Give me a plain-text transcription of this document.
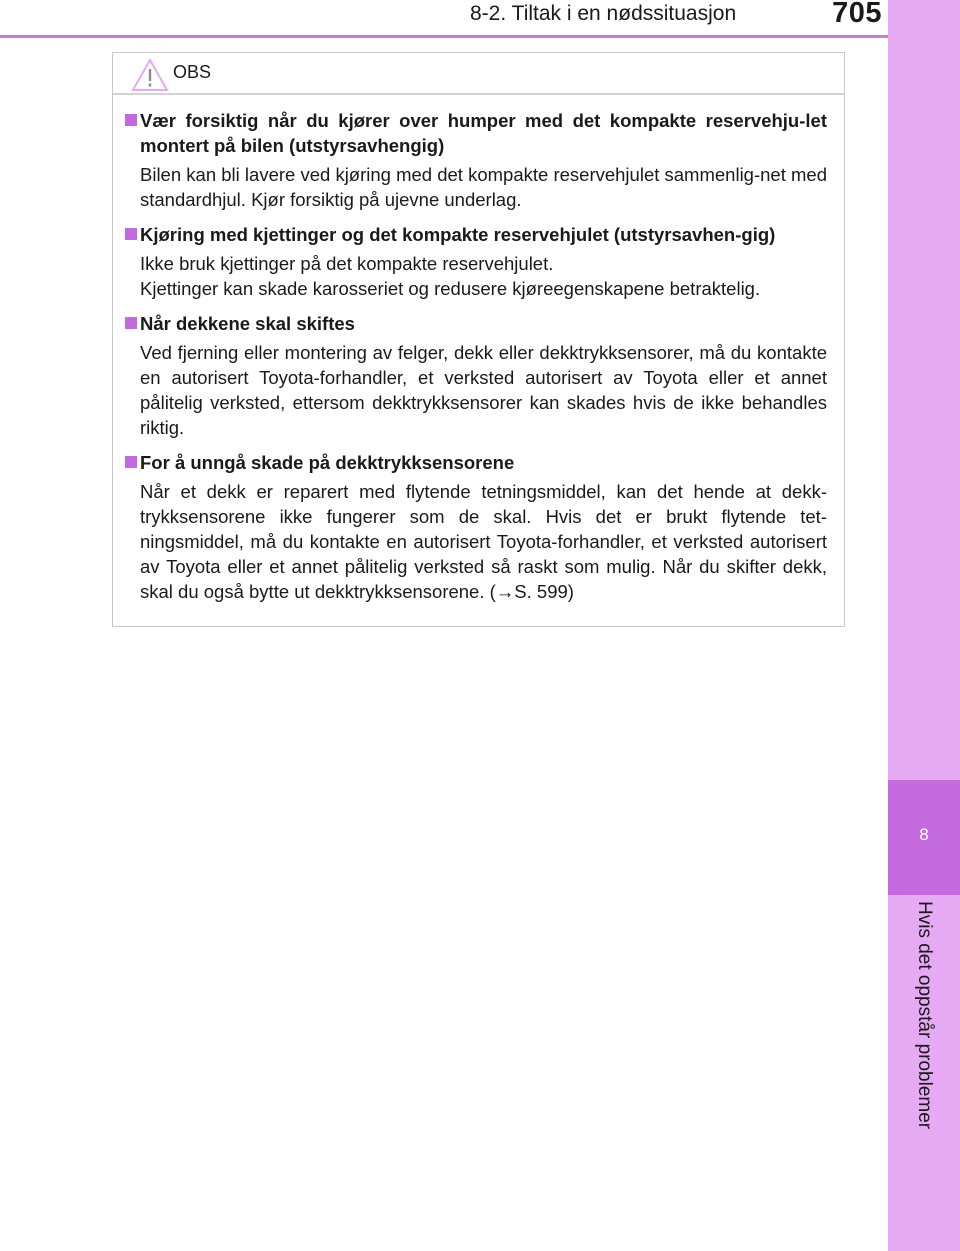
8-2. Tiltak i en nødssituasjon	705
8
Hvis det oppstår problemer
OBS
Vær forsiktig når du kjører over humper med det kompakte reservehju-let montert på bilen (utstyrsavhengig)

Bilen kan bli lavere ved kjøring med det kompakte reservehjulet sammenlig-net med standardhjul. Kjør forsiktig på ujevne underlag.

Kjøring med kjettinger og det kompakte reservehjulet (utstyrsavhen-gig)

Ikke bruk kjettinger på det kompakte reservehjulet.

Kjettinger kan skade karosseriet og redusere kjøreegenskapene betraktelig.

Når dekkene skal skiftes

Ved fjerning eller montering av felger, dekk eller dekktrykksensorer, må du kontakte en autorisert Toyota-forhandler, et verksted autorisert av Toyota eller et annet pålitelig verksted, ettersom dekktrykksensorer kan skades hvis de ikke behandles riktig.

For å unngå skade på dekktrykksensorene

Når et dekk er reparert med flytende tetningsmiddel, kan det hende at dekk-trykksensorene ikke fungerer som de skal. Hvis det er brukt flytende tet-ningsmiddel, må du kontakte en autorisert Toyota-forhandler, et verksted autorisert av Toyota eller et annet pålitelig verksted så raskt som mulig. Når du skifter dekk, skal du også bytte ut dekktrykksensorene. (→S. 599)
